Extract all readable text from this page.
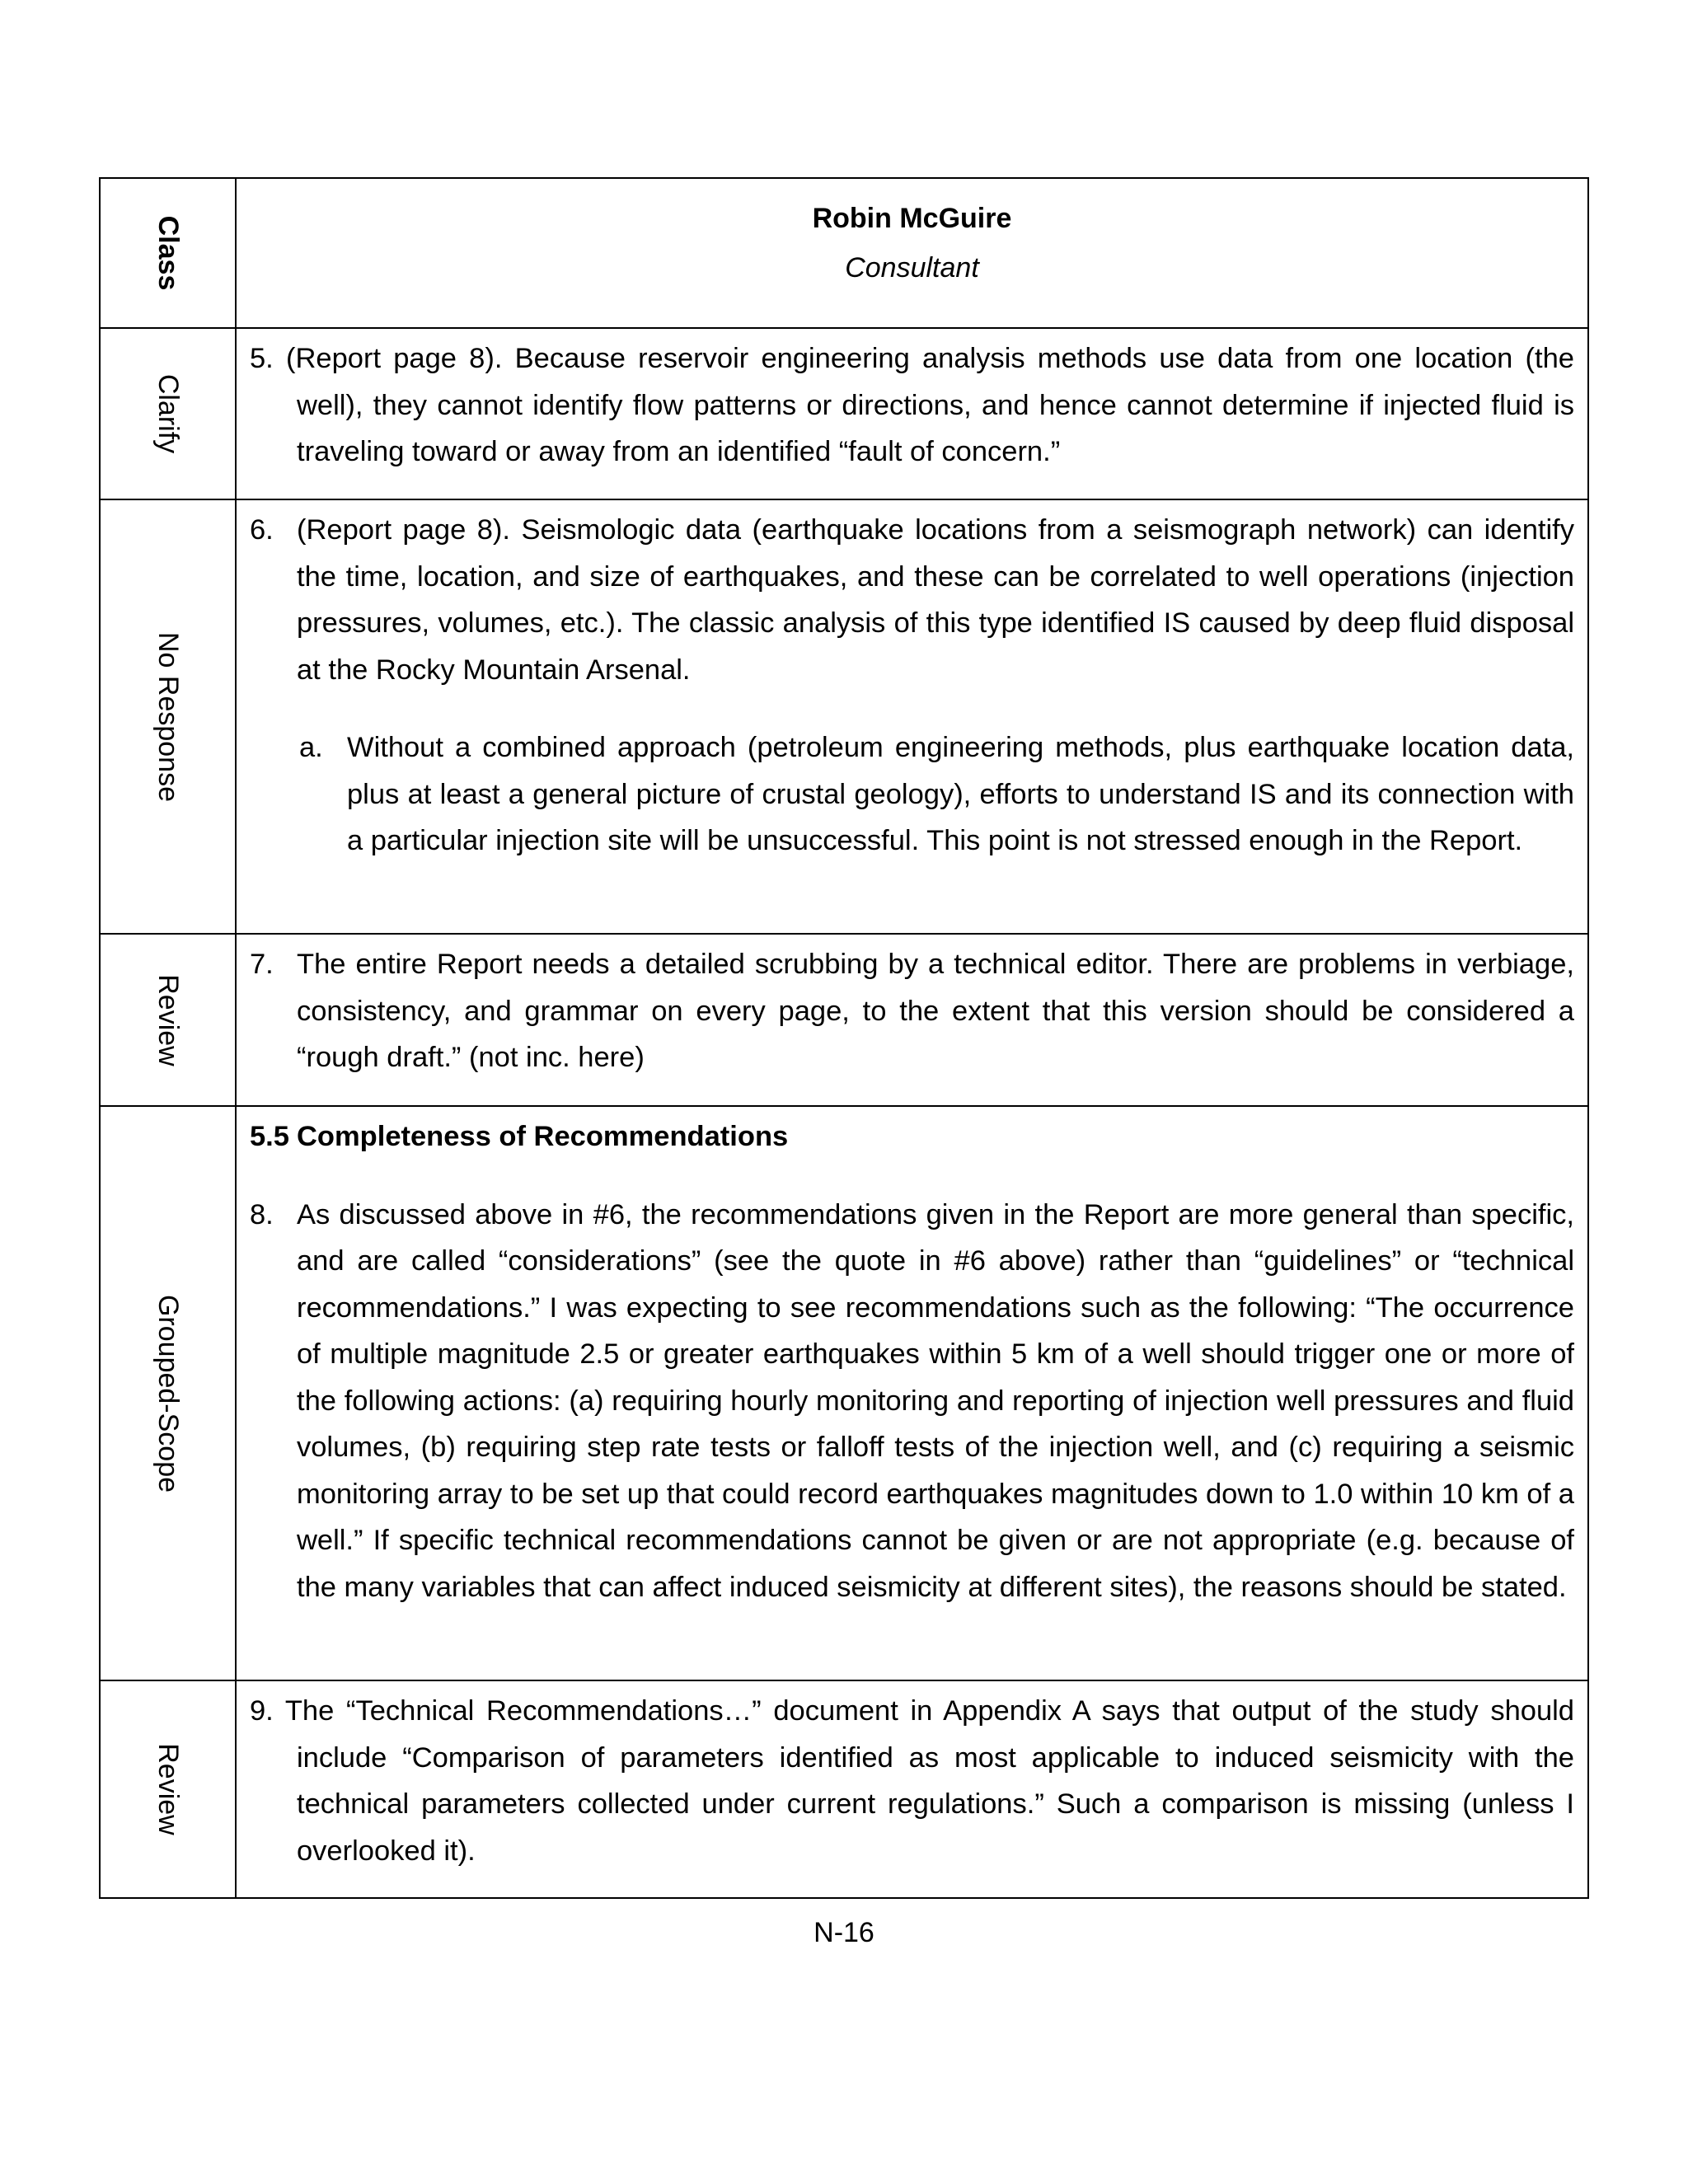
Class	Robin McGuire
Consultant

Clarify	5. (Report page 8). Because reservoir engineering analysis methods use data from one location (the well), they cannot identify flow patterns or directions, and hence cannot determine if injected fluid is traveling toward or away from an identified “fault of concern.”

No Response	6. (Report page 8). Seismologic data (earthquake locations from a seismograph network) can identify the time, location, and size of earthquakes, and these can be correlated to well operations (injection pressures, volumes, etc.). The classic analysis of this type identified IS caused by deep fluid disposal at the Rocky Mountain Arsenal.
a. Without a combined approach (petroleum engineering methods, plus earthquake location data, plus at least a general picture of crustal geology), efforts to understand IS and its connection with a particular injection site will be unsuccessful. This point is not stressed enough in the Report.

Review	7. The entire Report needs a detailed scrubbing by a technical editor. There are problems in verbiage, consistency, and grammar on every page, to the extent that this version should be considered a “rough draft.” (not inc. here)

Grouped-Scope	5.5 Completeness of Recommendations
8. As discussed above in #6, the recommendations given in the Report are more general than specific, and are called “considerations” (see the quote in #6 above) rather than “guidelines” or “technical recommendations.” I was expecting to see recommendations such as the following: “The occurrence of multiple magnitude 2.5 or greater earthquakes within 5 km of a well should trigger one or more of the following actions: (a) requiring hourly monitoring and reporting of injection well pressures and fluid volumes, (b) requiring step rate tests or falloff tests of the injection well, and (c) requiring a seismic monitoring array to be set up that could record earthquakes magnitudes down to 1.0 within 10 km of a well.” If specific technical recommendations cannot be given or are not appropriate (e.g. because of the many variables that can affect induced seismicity at different sites), the reasons should be stated.

Review	9. The “Technical Recommendations…” document in Appendix A says that output of the study should include “Comparison of parameters identified as most applicable to induced seismicity with the technical parameters collected under current regulations.” Such a comparison is missing (unless I overlooked it).
N-16
